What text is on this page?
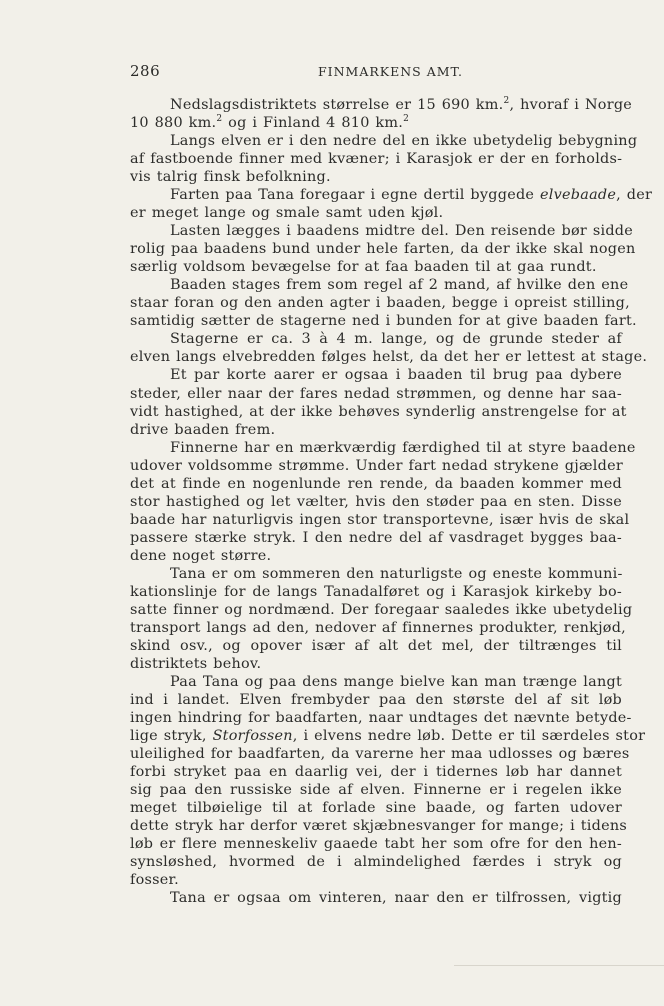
286	FINMARKENS AMT.
Nedslagsdistriktets størrelse er 15 690 km.$^2$, hvoraf i Norge
10 880 km.$^2$ og i Finland 4 810 km.$^2$
Langs elven er i den nedre del en ikke ubetydelig bebygning
af fastboende finner med kvæner; i Karasjok er der en forholds-
vis talrig finsk befolkning.
Farten paa Tana foregaar i egne dertil byggede elvebaade, der
er meget lange og smale samt uden kjøl.
Lasten lægges i baadens midtre del. Den reisende bør sidde
rolig paa baadens bund under hele farten, da der ikke skal nogen
særlig voldsom bevægelse for at faa baaden til at gaa rundt.
Baaden stages frem som regel af 2 mand, af hvilke den ene
staar foran og den anden agter i baaden, begge i opreist stilling,
samtidig sætter de stagerne ned i bunden for at give baaden fart.
Stagerne er ca. 3 à 4 m. lange, og de grunde steder af
elven langs elvebredden følges helst, da det her er lettest at stage.
Et par korte aarer er ogsaa i baaden til brug paa dybere
steder, eller naar der fares nedad strømmen, og denne har saa-
vidt hastighed, at der ikke behøves synderlig anstrengelse for at
drive baaden frem.
Finnerne har en mærkværdig færdighed til at styre baadene
udover voldsomme strømme. Under fart nedad strykene gjælder
det at finde en nogenlunde ren rende, da baaden kommer med
stor hastighed og let vælter, hvis den støder paa en sten. Disse
baade har naturligvis ingen stor transportevne, især hvis de skal
passere stærke stryk. I den nedre del af vasdraget bygges baa-
dene noget større.
Tana er om sommeren den naturligste og eneste kommuni-
kationslinje for de langs Tanadalføret og i Karasjok kirkeby bo-
satte finner og nordmænd. Der foregaar saaledes ikke ubetydelig
transport langs ad den, nedover af finnernes produkter, renkjød,
skind osv., og opover især af alt det mel, der tiltrænges til
distriktets behov.
Paa Tana og paa dens mange bielve kan man trænge langt
ind i landet. Elven frembyder paa den største del af sit løb
ingen hindring for baadfarten, naar undtages det nævnte betyde-
lige stryk, Storfossen, i elvens nedre løb. Dette er til særdeles stor
uleilighed for baadfarten, da varerne her maa udlosses og bæres
forbi stryket paa en daarlig vei, der i tidernes løb har dannet
sig paa den russiske side af elven. Finnerne er i regelen ikke
meget tilbøielige til at forlade sine baade, og farten udover
dette stryk har derfor været skjæbnesvanger for mange; i tidens
løb er flere menneskeliv gaaede tabt her som ofre for den hen-
synsløshed, hvormed de i almindelighed færdes i stryk og
fosser.
Tana er ogsaa om vinteren, naar den er tilfrossen, vigtig
